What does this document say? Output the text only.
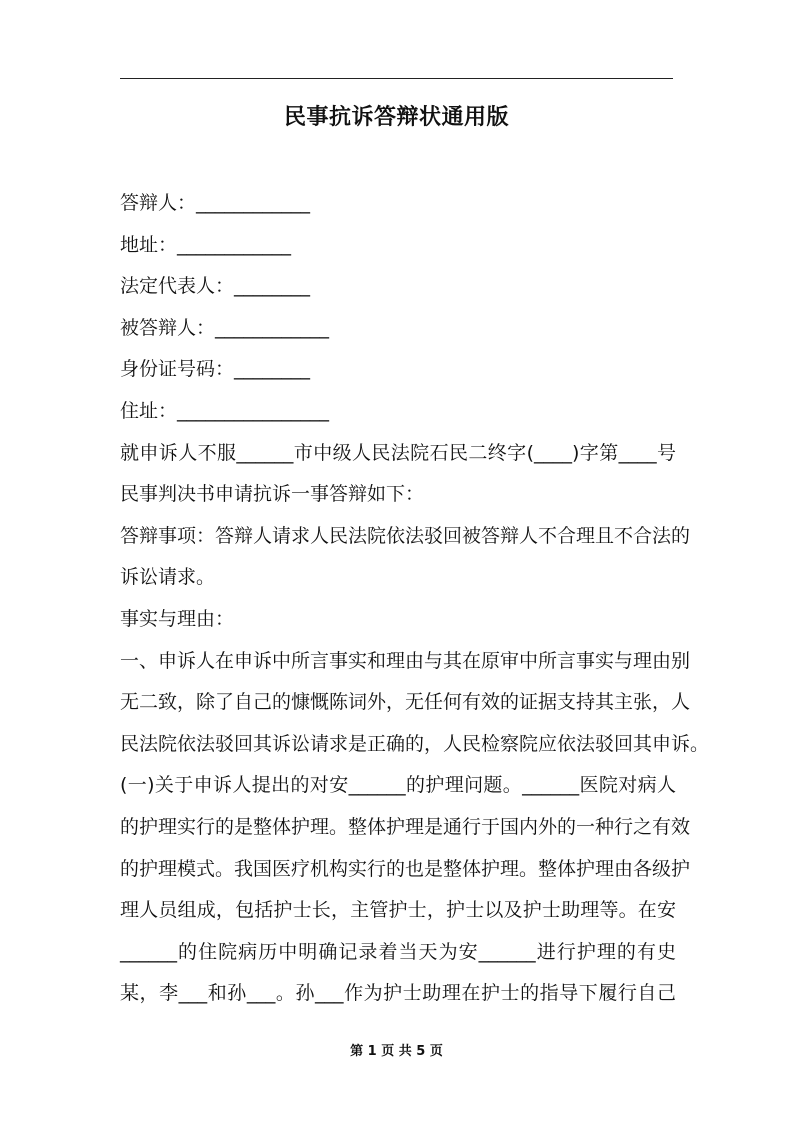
民事抗诉答辩状通用版
答辩人：____________
地址：____________
法定代表人：________
被答辩人：____________
身份证号码：________
住址：________________
就申诉人不服______市中级人民法院石民二终字(____)字第____号
民事判决书申请抗诉一事答辩如下：
答辩事项：答辩人请求人民法院依法驳回被答辩人不合理且不合法的
诉讼请求。
事实与理由：
一、申诉人在申诉中所言事实和理由与其在原审中所言事实与理由别
无二致，除了自己的慷慨陈词外，无任何有效的证据支持其主张，人
民法院依法驳回其诉讼请求是正确的，人民检察院应依法驳回其申诉。
(一)关于申诉人提出的对安______的护理问题。______医院对病人
的护理实行的是整体护理。整体护理是通行于国内外的一种行之有效
的护理模式。我国医疗机构实行的也是整体护理。整体护理由各级护
理人员组成，包括护士长，主管护士，护士以及护士助理等。在安
______的住院病历中明确记录着当天为安______进行护理的有史
某，李___和孙___。孙___作为护士助理在护士的指导下履行自己
第 1 页 共 5 页
